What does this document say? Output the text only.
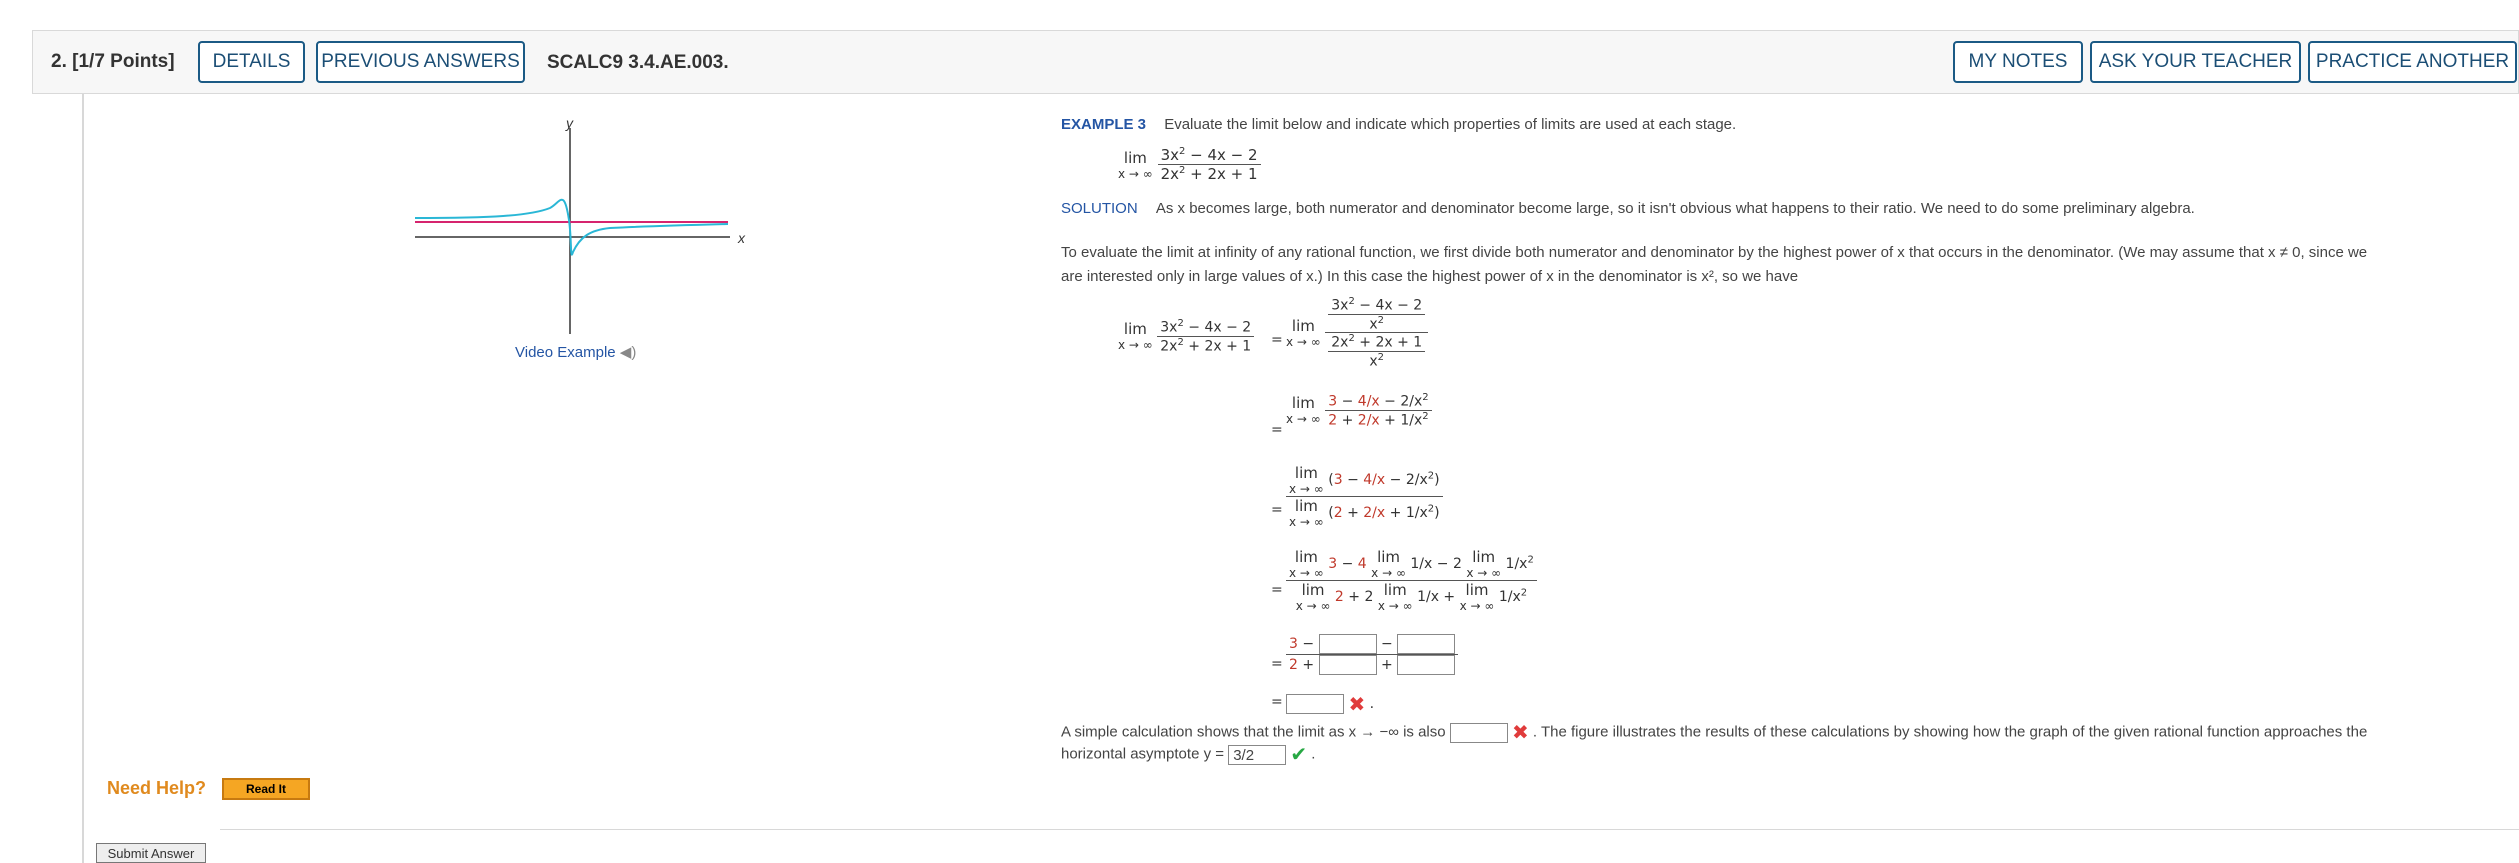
2. [1/7 Points]	DETAILS	PREVIOUS ANSWERS SCALC9 3.4.AE.003.	MY NOTES	ASK YOUR TEACHER	PRACTICE ANOTHER
y
x
Video Example ◀)
EXAMPLE 3 Evaluate the limit below and indicate which properties of limits are used at each stage.
lim
x → ∞
$\frac{3x^2 - 4x - 2}{2x^2 + 2x + 1}$
SOLUTION As x becomes large, both numerator and denominator become large, so it isn't obvious what happens to their ratio. We need to do some preliminary algebra.
To evaluate the limit at infinity of any rational function, we first divide both numerator and denominator by the highest power of x that occurs in the denominator. (We may assume that x ≠ 0, since we
are interested only in large values of x.) In this case the highest power of x in the denominator is x², so we have
lim
x → ∞
$\frac{3x^2 - 4x - 2}{2x^2 + 2x + 1}$ =
lim
x → ∞
$\frac{\frac{3x^2 - 4x - 2}{x^2}}{\frac{2x^2 + 2x + 1}{x^2}}$
=
lim
x → ∞
$\frac{3 - 4/x - 2/x^2}{2 + 2/x + 1/x^2}$
= lim
x → ∞
$(3 - 4/x - 2/x^2)$
lim
x → ∞
$(2 + 2/x + 1/x^2)$
= lim
x → ∞
3 − 4 lim
x → ∞
1/x − 2 lim
x → ∞
$1/x^2$
lim
x → ∞
2 + 2 lim
x → ∞
1/x + lim
x → ∞
$1/x^2$
= 3 −	−
2 +	+
=	✖ .
A simple calculation shows that the limit as x → −∞ is also	✖ . The figure illustrates the results of these calculations by showing how the graph of the given rational function approaches the
horizontal asymptote y = 3/2 ✔ .
Need Help?	Read It
Submit Answer
